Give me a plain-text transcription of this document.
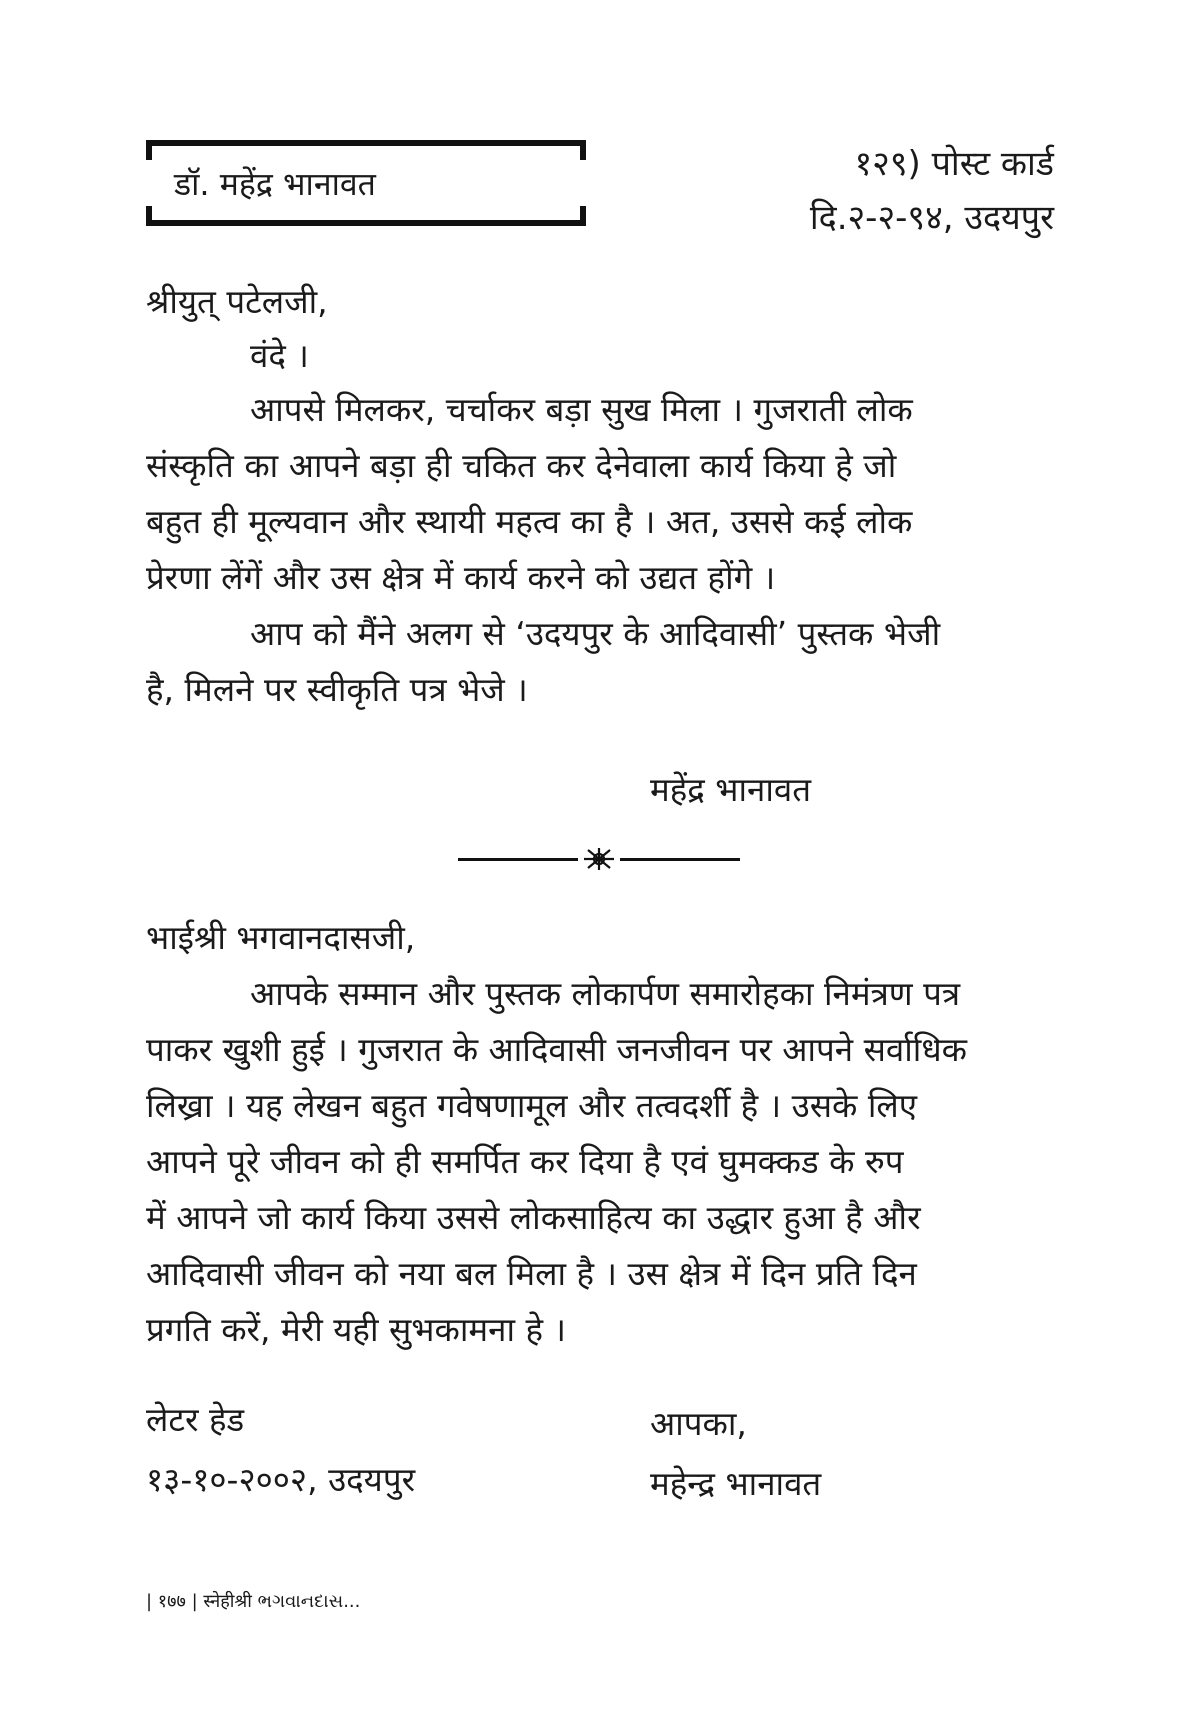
डॉ. महेंद्र भानावत	१२९) पोस्ट कार्ड
दि.२-२-९४, उदयपुर
श्रीयुत् पटेलजी,
वंदे ।
आपसे मिलकर, चर्चाकर बड़ा सुख मिला । गुजराती लोक
संस्कृति का आपने बड़ा ही चकित कर देनेवाला कार्य किया हे जो
बहुत ही मूल्यवान और स्थायी महत्व का है । अत, उससे कई लोक
प्रेरणा लेंगें और उस क्षेत्र में कार्य करने को उद्यत होंगे ।
आप को मैंने अलग से ‘उदयपुर के आदिवासी’ पुस्तक भेजी
है, मिलने पर स्वीकृति पत्र भेजे ।
महेंद्र भानावत
भाईश्री भगवानदासजी,
आपके सम्मान और पुस्तक लोकार्पण समारोहका निमंत्रण पत्र
पाकर खुशी हुई । गुजरात के आदिवासी जनजीवन पर आपने सर्वाधिक
लिख्रा । यह लेखन बहुत गवेषणामूल और तत्वदर्शी है । उसके लिए
आपने पूरे जीवन को ही समर्पित कर दिया है एवं घुमक्कड के रुप
में आपने जो कार्य किया उससे लोकसाहित्य का उद्धार हुआ है और
आदिवासी जीवन को नया बल मिला है । उस क्षेत्र में दिन प्रति दिन
प्रगति करें, मेरी यही सुभकामना हे ।
लेटर हेड
१३-१०-२००२, उदयपुर
आपका,
महेन्द्र भानावत
| १७७ | स्नेहीश्री ભગવાનદાસ...
